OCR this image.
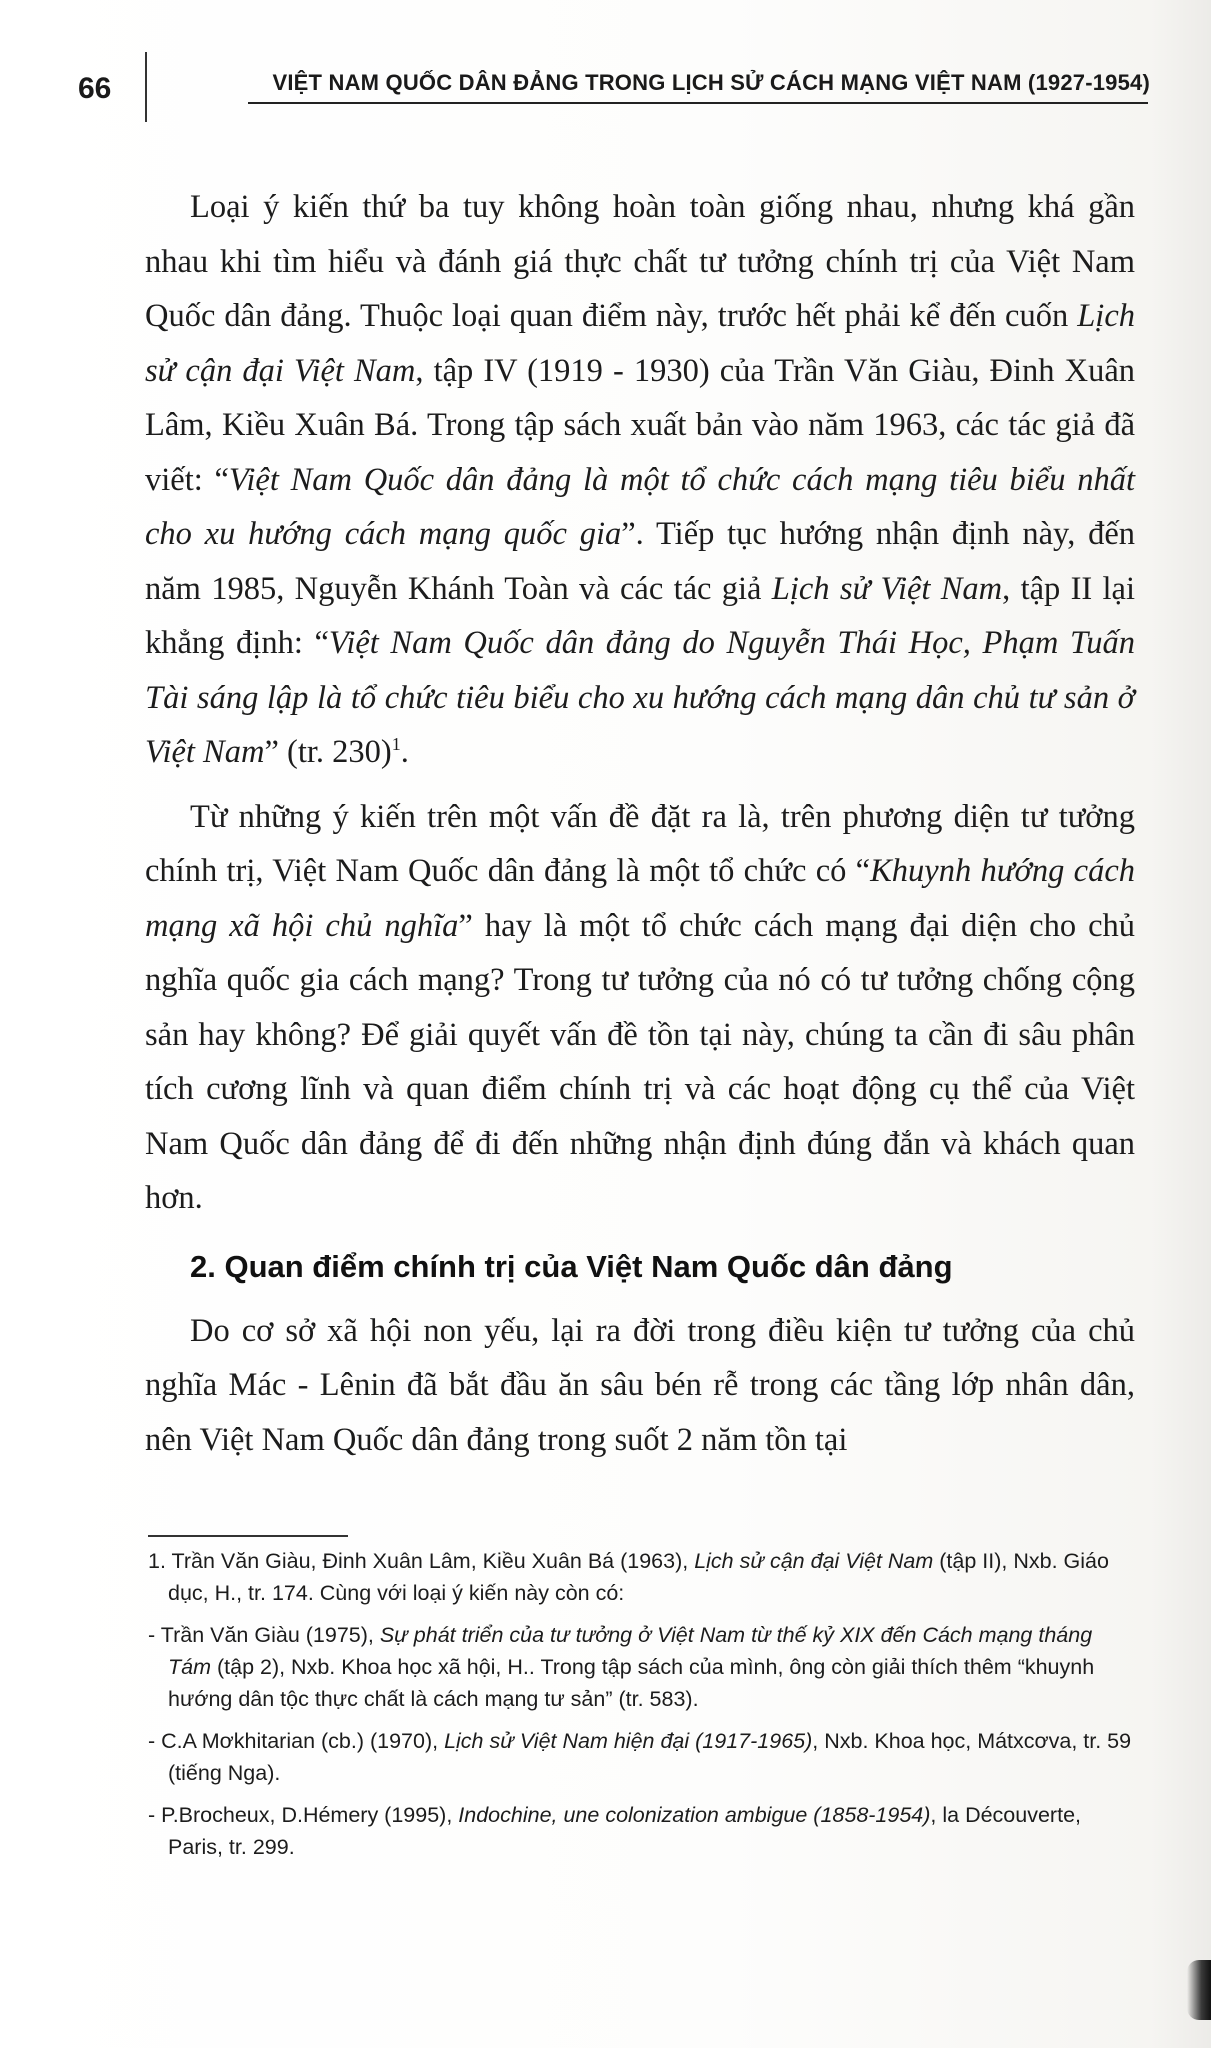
66	VIỆT NAM QUỐC DÂN ĐẢNG TRONG LỊCH SỬ CÁCH MẠNG VIỆT NAM (1927-1954)

Loại ý kiến thứ ba tuy không hoàn toàn giống nhau, nhưng khá gần nhau khi tìm hiểu và đánh giá thực chất tư tưởng chính trị của Việt Nam Quốc dân đảng. Thuộc loại quan điểm này, trước hết phải kể đến cuốn Lịch sử cận đại Việt Nam, tập IV (1919 - 1930) của Trần Văn Giàu, Đinh Xuân Lâm, Kiều Xuân Bá. Trong tập sách xuất bản vào năm 1963, các tác giả đã viết: “Việt Nam Quốc dân đảng là một tổ chức cách mạng tiêu biểu nhất cho xu hướng cách mạng quốc gia”. Tiếp tục hướng nhận định này, đến năm 1985, Nguyễn Khánh Toàn và các tác giả Lịch sử Việt Nam, tập II lại khẳng định: “Việt Nam Quốc dân đảng do Nguyễn Thái Học, Phạm Tuấn Tài sáng lập là tổ chức tiêu biểu cho xu hướng cách mạng dân chủ tư sản ở Việt Nam” (tr. 230)$^1$.

Từ những ý kiến trên một vấn đề đặt ra là, trên phương diện tư tưởng chính trị, Việt Nam Quốc dân đảng là một tổ chức có “Khuynh hướng cách mạng xã hội chủ nghĩa” hay là một tổ chức cách mạng đại diện cho chủ nghĩa quốc gia cách mạng? Trong tư tưởng của nó có tư tưởng chống cộng sản hay không? Để giải quyết vấn đề tồn tại này, chúng ta cần đi sâu phân tích cương lĩnh và quan điểm chính trị và các hoạt động cụ thể của Việt Nam Quốc dân đảng để đi đến những nhận định đúng đắn và khách quan hơn.

2. Quan điểm chính trị của Việt Nam Quốc dân đảng

Do cơ sở xã hội non yếu, lại ra đời trong điều kiện tư tưởng của chủ nghĩa Mác - Lênin đã bắt đầu ăn sâu bén rễ trong các tầng lớp nhân dân, nên Việt Nam Quốc dân đảng trong suốt 2 năm tồn tại

1. Trần Văn Giàu, Đinh Xuân Lâm, Kiều Xuân Bá (1963), Lịch sử cận đại Việt Nam (tập II), Nxb. Giáo dục, H., tr. 174. Cùng với loại ý kiến này còn có:

- Trần Văn Giàu (1975), Sự phát triển của tư tưởng ở Việt Nam từ thế kỷ XIX đến Cách mạng tháng Tám (tập 2), Nxb. Khoa học xã hội, H.. Trong tập sách của mình, ông còn giải thích thêm “khuynh hướng dân tộc thực chất là cách mạng tư sản” (tr. 583).

- C.A Mơkhitarian (cb.) (1970), Lịch sử Việt Nam hiện đại (1917-1965), Nxb. Khoa học, Mátxcơva, tr. 59 (tiếng Nga).

- P.Brocheux, D.Hémery (1995), Indochine, une colonization ambigue (1858-1954), la Découverte, Paris, tr. 299.
